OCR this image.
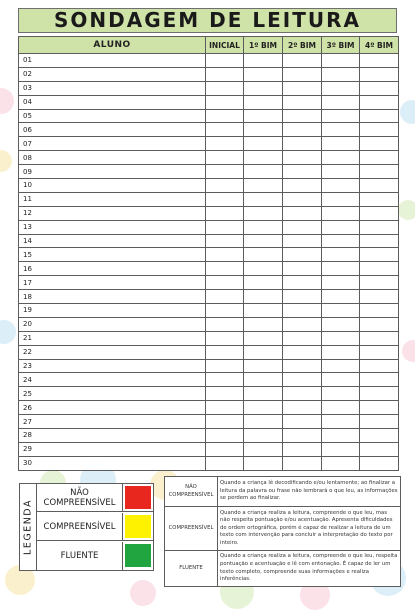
SONDAGEM DE LEITURA
ALUNO	INICIAL	1º BIM	2º BIM	3º BIM	4º BIM
01					
02					
03					
04					
05					
06					
07					
08					
09					
10					
11					
12					
13					
14					
15					
16					
17					
18					
19					
20					
21					
22					
23					
24					
25					
26					
27					
28					
29					
30					
LEGENDA
NÃO COMPREENSÍVEL
COMPREENSÍVEL
FLUENTE
NÃO COMPREENSÍVEL	Quando a criança lê decodificando e/ou lentamente; ao finalizar a leitura da palavra ou frase não lembrará o que leu, as informações se perdem ao finalizar.
COMPREENSÍVEL	Quando a criança realiza a leitura, compreende o que leu, mas não respeita pontuação e/ou acentuação. Apresenta dificuldades de ordem ortográfica, porém é capaz de realizar a leitura de um texto com intervenção para concluir a interpretação do texto por inteiro.
FLUENTE	Quando a criança realiza a leitura, compreende o que leu, respeita pontuação e acentuação e lê com entonação. É capaz de ler um texto completo, compreende suas informações e realiza inferências.
